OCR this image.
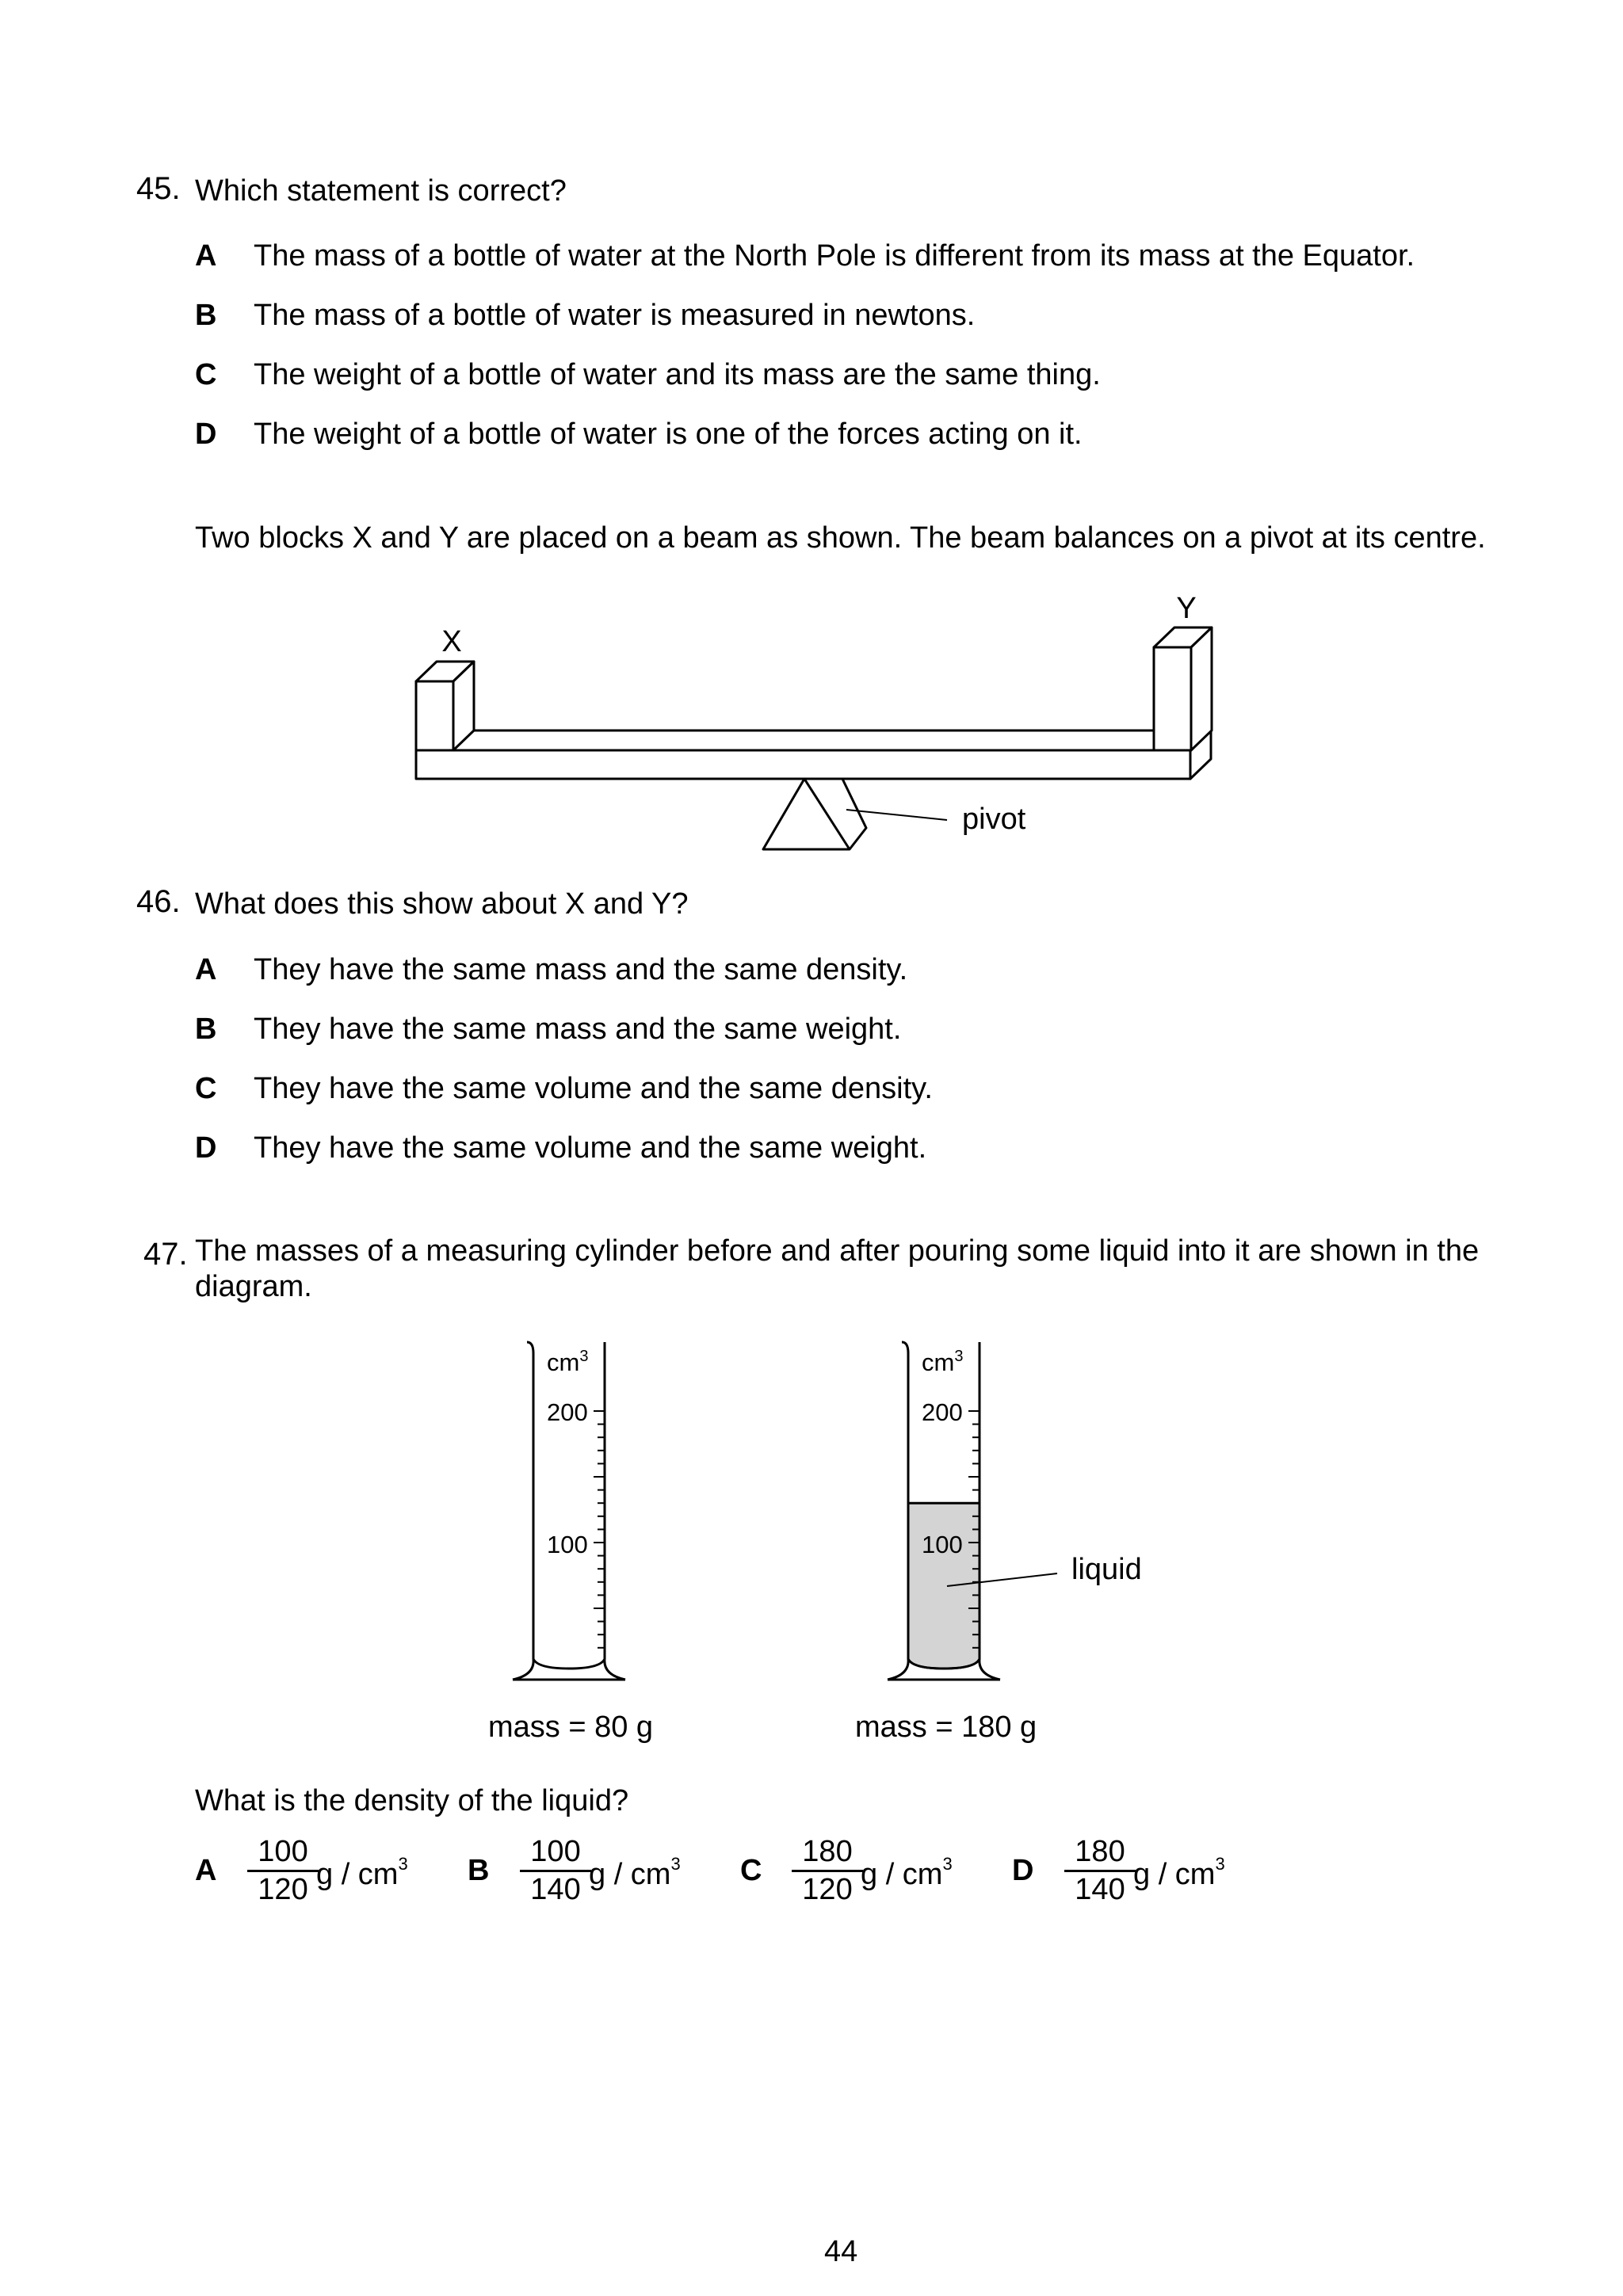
45. Which statement is correct?
A The mass of a bottle of water at the North Pole is different from its mass at the Equator.
B The mass of a bottle of water is measured in newtons.
C The weight of a bottle of water and its mass are the same thing.
D The weight of a bottle of water is one of the forces acting on it.
Two blocks X and Y are placed on a beam as shown. The beam balances on a pivot at its centre.
X
Y
pivot
46. What does this show about X and Y?
A They have the same mass and the same density.
B They have the same mass and the same weight.
C They have the same volume and the same density.
D They have the same volume and the same weight.
47. The masses of a measuring cylinder before and after pouring some liquid into it are shown in the
diagram.
$cm^3$
200
100
$cm^3$
200
100
liquid
mass = 80 g	mass = 180 g
What is the density of the liquid?
A $\frac{100}{120}$
g / $cm^3$ B $\frac{100}{140}$
g / $cm^3$ C $\frac{180}{120}$
g / $cm^3$ D $\frac{180}{140}$
g / $cm^3$
44
